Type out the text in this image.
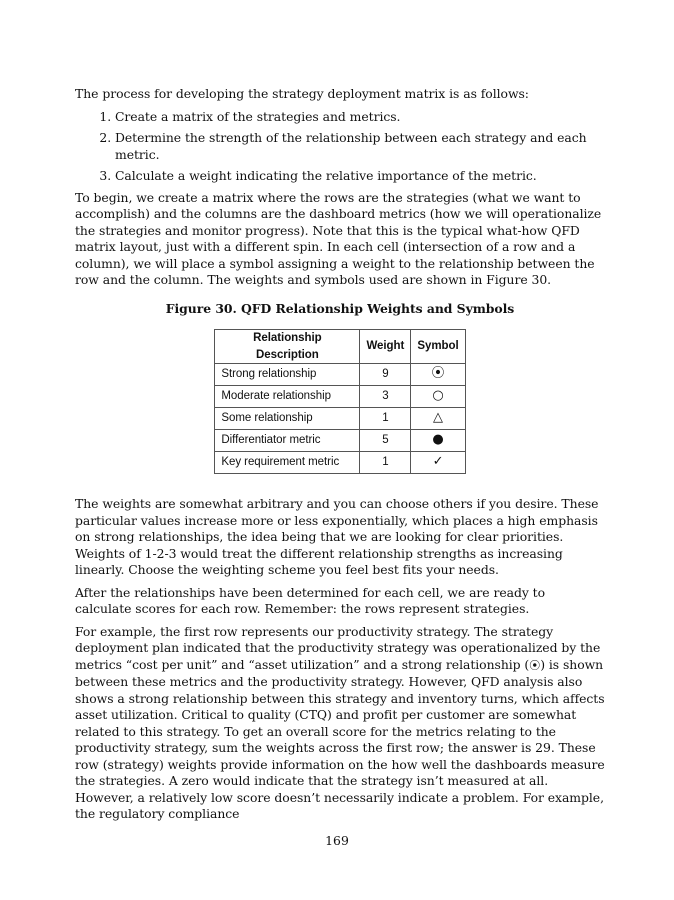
The process for developing the strategy deployment matrix is as follows:

1. Create a matrix of the strategies and metrics.
2. Determine the strength of the relationship between each strategy and each metric.
3. Calculate a weight indicating the relative importance of the metric.

To begin, we create a matrix where the rows are the strategies (what we want to accomplish) and the columns are the dashboard metrics (how we will operationalize the strategies and monitor progress). Note that this is the typical what-how QFD matrix layout, just with a different spin. In each cell (intersection of a row and a column), we will place a symbol assigning a weight to the relationship between the row and the column. The weights and symbols used are shown in Figure 30.

Figure 30. QFD Relationship Weights and Symbols
Relationship Description	Weight	Symbol
Strong relationship	9	⦿
Moderate relationship	3	○
Some relationship	1	△
Differentiator metric	5	●
Key requirement metric	1	✓

The weights are somewhat arbitrary and you can choose others if you desire. These particular values increase more or less exponentially, which places a high emphasis on strong relationships, the idea being that we are looking for clear priorities. Weights of 1-2-3 would treat the different relationship strengths as increasing linearly. Choose the weighting scheme you feel best fits your needs.

After the relationships have been determined for each cell, we are ready to calculate scores for each row. Remember: the rows represent strategies.

For example, the first row represents our productivity strategy. The strategy deployment plan indicated that the productivity strategy was operationalized by the metrics “cost per unit” and “asset utilization” and a strong relationship (⦿) is shown between these metrics and the productivity strategy. However, QFD analysis also shows a strong relationship between this strategy and inventory turns, which affects asset utilization. Critical to quality (CTQ) and profit per customer are somewhat related to this strategy. To get an overall score for the metrics relating to the productivity strategy, sum the weights across the first row; the answer is 29. These row (strategy) weights provide information on the how well the dashboards measure the strategies. A zero would indicate that the strategy isn’t measured at all. However, a relatively low score doesn’t necessarily indicate a problem. For example, the regulatory compliance

169
